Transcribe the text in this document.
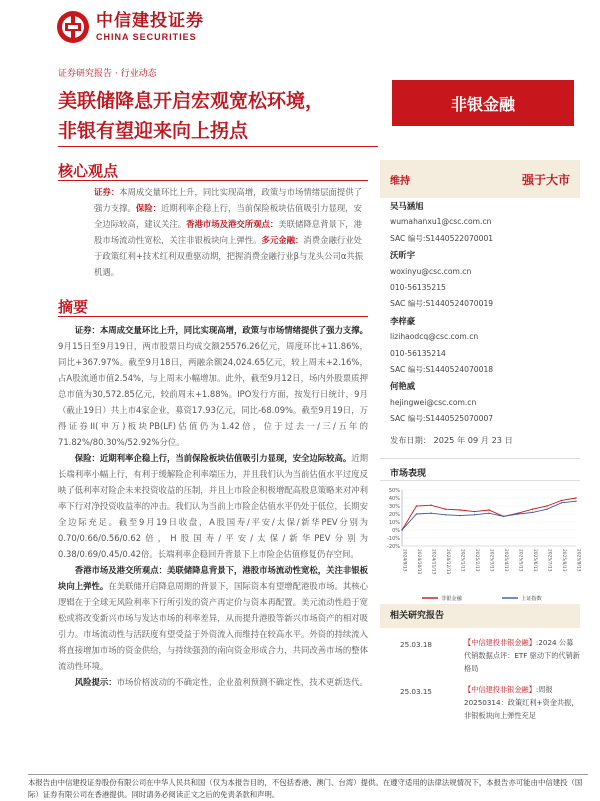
中信建投证券
CHINA SECURITIES
证券研究报告 · 行业动态
美联储降息开启宏观宽松环境，
非银有望迎来向上拐点
非银金融
核心观点
证券：本周成交量环比上升，同比实现高增，政策与市场情绪层面提供了强力支撑。保险：近期利率企稳上行，当前保险板块估值吸引力显现，安全边际较高，建议关注。香港市场及港交所观点：美联储降息背景下，港股市场流动性宽松，关注非银板块向上弹性。多元金融：消费金融行业处于政策红利+技术红利双重驱动期，把握消费金融行业β与龙头公司α共振机遇。
摘要

证券：本周成交量环比上升，同比实现高增，政策与市场情绪提供了强力支撑。9月15日至9月19日，两市股票日均成交额25576.26亿元，周度环比+11.86%，同比+367.97%。截至9月18日，两融余额24,024.65亿元，较上周末+2.16%，占A股流通市值2.54%，与上周末小幅增加。此外，截至9月12日，场内外股票质押总市值为30,572.85亿元，较前周末+1.88%。IPO发行方面，按发行日统计，9月（截止19日）共上市4家企业，募资17.93亿元，同比-68.09%。截至9月19日，万得证券II(申万)板块PB(LF)估值仍为1.42倍，位于过去一/三/五年的71.82%/80.30%/52.92%分位。

保险：近期利率企稳上行，当前保险板块估值吸引力显现，安全边际较高。近期长端利率小幅上行，有利于缓解险企利率端压力，并且我们认为当前估值水平过度反映了低利率对险企未来投资收益的压制，并且上市险企积极增配高股息策略来对冲利率下行对净投资收益率的冲击。我们认为当前上市险企估值水平仍处于低位，长期安全边际充足。截至9月19日收盘，A股国寿/平安/太保/新华PEV分别为0.70/0.66/0.56/0.62倍，H股国寿/平安/太保/新华PEV分别为0.38/0.69/0.45/0.42倍。长端利率企稳回升背景下上市险企估值修复仍存空间。

香港市场及港交所观点：美联储降息背景下，港股市场流动性宽松，关注非银板块向上弹性。在美联储开启降息周期的背景下，国际资本有望增配港股市场。其核心逻辑在于全球无风险利率下行所引发的资产再定价与资本再配置。美元流动性趋于宽松或将改变新兴市场与发达市场的利率差异，从而提升港股等新兴市场资产的相对吸引力。市场流动性与活跃度有望受益于外资流入而维持在较高水平。外资的持续流入将直接增加市场的资金供给，与持续强劲的南向资金形成合力，共同改善市场的整体流动性环境。

风险提示：市场价格波动的不确定性，企业盈利预测不确定性，技术更新迭代。

维持	强于大市
吴马涵旭
wumahanxu1@csc.com.cn
SAC 编号:S1440522070001
沃昕宇
woxinyu@csc.com.cn
010-56135215
SAC 编号:S1440524070019
李梓豪
lizihaodcq@csc.com.cn
010-56135214
SAC 编号:S1440524070018
何艳威
hejingwei@csc.com.cn
SAC 编号:S1440525070007
发布日期： 2025 年 09 月 23 日
市场表现
-20%
-10%
0%
10%
20%
30%
40%
50%
2024/9/13 2024/10/13 2024/11/13 2024/12/13 2025/1/13 2025/2/13 2025/3/13 2025/4/13 2025/5/13 2025/6/13 2025/7/13 2025/8/13 2025/9/13
非银金融	上证指数
相关研究报告
25.03.18	【中信建投非银金融】:2024 公募代销数据点评：ETF 驱动下的代销新格局
25.03.15	【中信建投非银金融】:周报20250314：政策红利+资金共振，非银板块向上弹性充足
本报告由中信建投证券股份有限公司在中华人民共和国（仅为本报告目的，不包括香港、澳门、台湾）提供。在遵守适用的法律法规情况下，本报告亦可能由中信建投（国际）证券有限公司在香港提供。同时请务必阅读正文之后的免责条款和声明。
